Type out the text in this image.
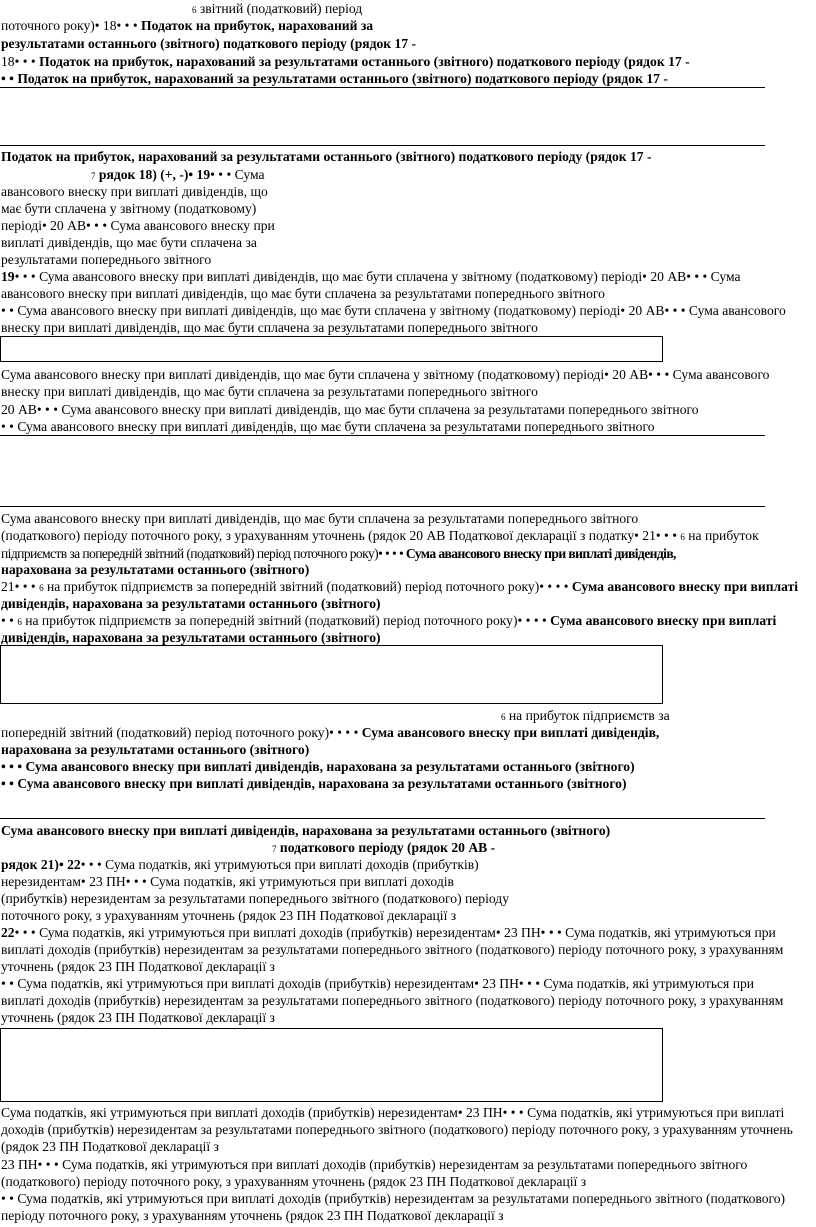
6 звітний (податковий) період
поточного року)• 18• • • Податок на прибуток, нарахований за
результатами останнього (звітного) податкового періоду (рядок 17 -
18• • • Податок на прибуток, нарахований за результатами останнього (звітного) податкового періоду (рядок 17 -
• • Податок на прибуток, нарахований за результатами останнього (звітного) податкового періоду (рядок 17 -
Податок на прибуток, нарахований за результатами останнього (звітного) податкового періоду (рядок 17 -
7 рядок 18) (+, -)• 19• • • Сума
авансового внеску при виплаті дивідендів, що
має бути сплачена у звітному (податковому)
періоді• 20 АВ• • • Сума авансового внеску при
виплаті дивідендів, що має бути сплачена за
результатами попереднього звітного
19• • • Сума авансового внеску при виплаті дивідендів, що має бути сплачена у звітному (податковому) періоді• 20 АВ• • • Сума
авансового внеску при виплаті дивідендів, що має бути сплачена за результатами попереднього звітного
• • Сума авансового внеску при виплаті дивідендів, що має бути сплачена у звітному (податковому) періоді• 20 АВ• • • Сума авансового
внеску при виплаті дивідендів, що має бути сплачена за результатами попереднього звітного
Сума авансового внеску при виплаті дивідендів, що має бути сплачена у звітному (податковому) періоді• 20 АВ• • • Сума авансового
внеску при виплаті дивідендів, що має бути сплачена за результатами попереднього звітного
20 АВ• • • Сума авансового внеску при виплаті дивідендів, що має бути сплачена за результатами попереднього звітного
• • Сума авансового внеску при виплаті дивідендів, що має бути сплачена за результатами попереднього звітного
Сума авансового внеску при виплаті дивідендів, що має бути сплачена за результатами попереднього звітного
(податкового) періоду поточного року, з урахуванням уточнень (рядок 20 АВ Податкової декларації з податку• 21• • • 6 на прибуток
підприємств за попередній звітний (податковий) період поточного року)• • • • Сума авансового внеску при виплаті дивідендів,
нарахована за результатами останнього (звітного)
21• • • 6 на прибуток підприємств за попередній звітний (податковий) період поточного року)• • • • Сума авансового внеску при виплаті
дивідендів, нарахована за результатами останнього (звітного)
• • 6 на прибуток підприємств за попередній звітний (податковий) період поточного року)• • • • Сума авансового внеску при виплаті
дивідендів, нарахована за результатами останнього (звітного)
6 на прибуток підприємств за
попередній звітний (податковий) період поточного року)• • • • Сума авансового внеску при виплаті дивідендів,
нарахована за результатами останнього (звітного)
• • • Сума авансового внеску при виплаті дивідендів, нарахована за результатами останнього (звітного)
• • Сума авансового внеску при виплаті дивідендів, нарахована за результатами останнього (звітного)
Сума авансового внеску при виплаті дивідендів, нарахована за результатами останнього (звітного)
7 податкового періоду (рядок 20 АВ -
рядок 21)• 22• • • Сума податків, які утримуються при виплаті доходів (прибутків)
нерезидентам• 23 ПН• • • Сума податків, які утримуються при виплаті доходів
(прибутків) нерезидентам за результатами попереднього звітного (податкового) періоду
поточного року, з урахуванням уточнень (рядок 23 ПН Податкової декларації з
22• • • Сума податків, які утримуються при виплаті доходів (прибутків) нерезидентам• 23 ПН• • • Сума податків, які утримуються при
виплаті доходів (прибутків) нерезидентам за результатами попереднього звітного (податкового) періоду поточного року, з урахуванням
уточнень (рядок 23 ПН Податкової декларації з
• • Сума податків, які утримуються при виплаті доходів (прибутків) нерезидентам• 23 ПН• • • Сума податків, які утримуються при
виплаті доходів (прибутків) нерезидентам за результатами попереднього звітного (податкового) періоду поточного року, з урахуванням
уточнень (рядок 23 ПН Податкової декларації з
Сума податків, які утримуються при виплаті доходів (прибутків) нерезидентам• 23 ПН• • • Сума податків, які утримуються при виплаті
доходів (прибутків) нерезидентам за результатами попереднього звітного (податкового) періоду поточного року, з урахуванням уточнень
(рядок 23 ПН Податкової декларації з
23 ПН• • • Сума податків, які утримуються при виплаті доходів (прибутків) нерезидентам за результатами попереднього звітного
(податкового) періоду поточного року, з урахуванням уточнень (рядок 23 ПН Податкової декларації з
• • Сума податків, які утримуються при виплаті доходів (прибутків) нерезидентам за результатами попереднього звітного (податкового)
періоду поточного року, з урахуванням уточнень (рядок 23 ПН Податкової декларації з
